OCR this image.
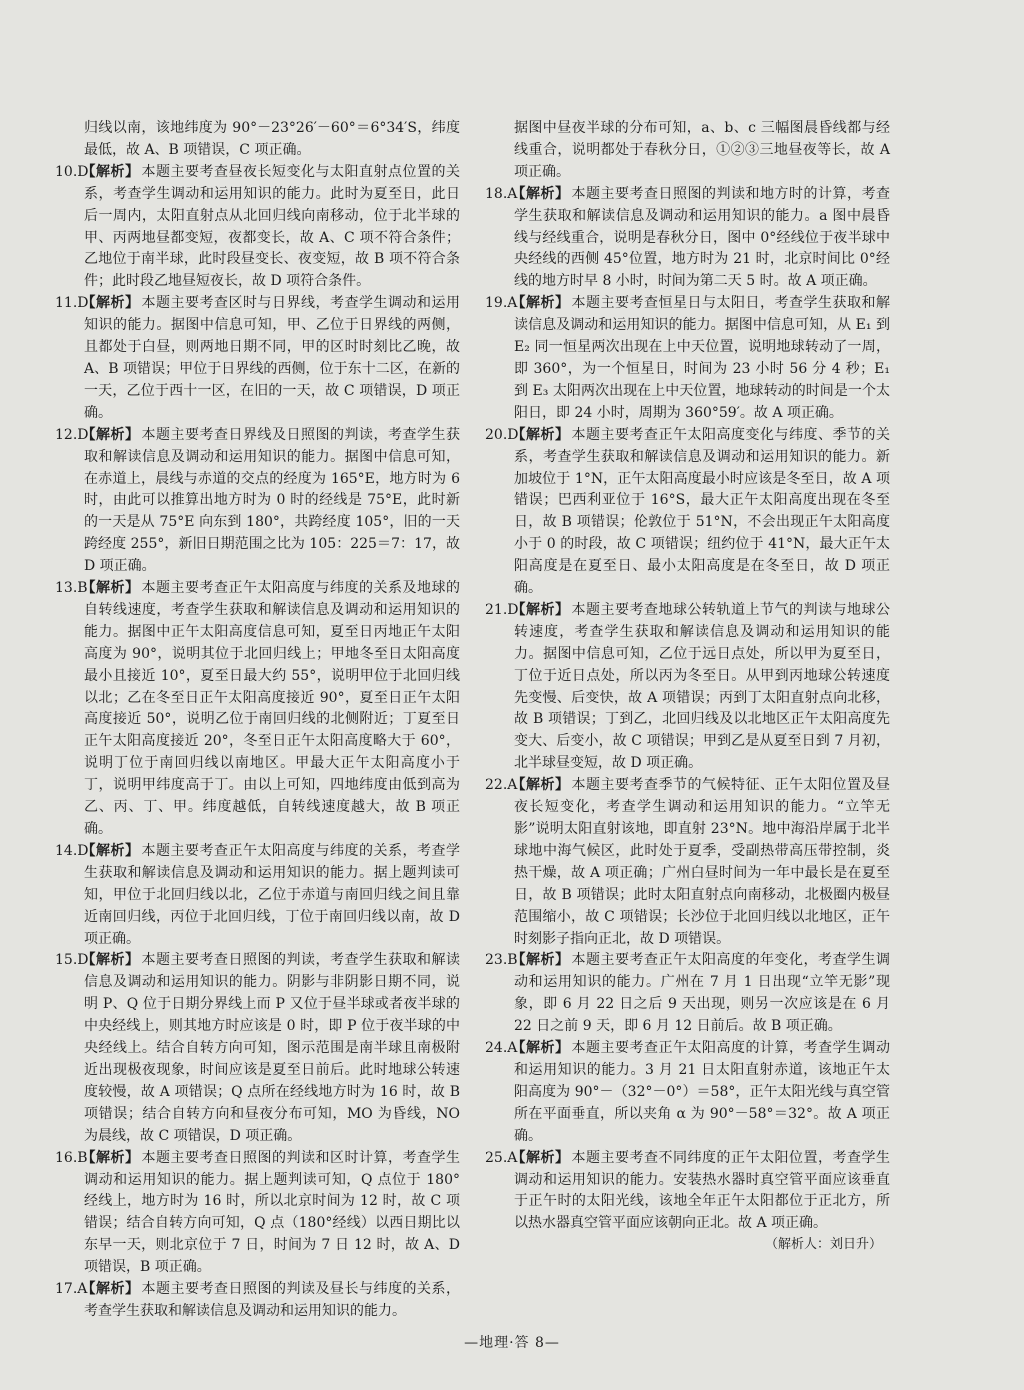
归线以南，该地纬度为 90°－23°26′－60°＝6°34′S，纬度最低，故 A、B 项错误，C 项正确。

10.D【解析】 本题主要考查昼夜长短变化与太阳直射点位置的关系，考查学生调动和运用知识的能力。此时为夏至日，此日后一周内，太阳直射点从北回归线向南移动，位于北半球的甲、丙两地昼都变短，夜都变长，故 A、C 项不符合条件；乙地位于南半球，此时段昼变长、夜变短，故 B 项不符合条件；此时段乙地昼短夜长，故 D 项符合条件。

11.D【解析】 本题主要考查区时与日界线，考查学生调动和运用知识的能力。据图中信息可知，甲、乙位于日界线的两侧，且都处于白昼，则两地日期不同，甲的区时时刻比乙晚，故 A、B 项错误；甲位于日界线的西侧，位于东十二区，在新的一天，乙位于西十一区，在旧的一天，故 C 项错误，D 项正确。

12.D【解析】 本题主要考查日界线及日照图的判读，考查学生获取和解读信息及调动和运用知识的能力。据图中信息可知，在赤道上，晨线与赤道的交点的经度为 165°E，地方时为 6 时，由此可以推算出地方时为 0 时的经线是 75°E，此时新的一天是从 75°E 向东到 180°，共跨经度 105°，旧的一天跨经度 255°，新旧日期范围之比为 105：225＝7：17，故 D 项正确。

13.B【解析】 本题主要考查正午太阳高度与纬度的关系及地球的自转线速度，考查学生获取和解读信息及调动和运用知识的能力。据图中正午太阳高度信息可知，夏至日丙地正午太阳高度为 90°，说明其位于北回归线上；甲地冬至日太阳高度最小且接近 10°，夏至日最大约 55°，说明甲位于北回归线以北；乙在冬至日正午太阳高度接近 90°，夏至日正午太阳高度接近 50°，说明乙位于南回归线的北侧附近；丁夏至日正午太阳高度接近 20°，冬至日正午太阳高度略大于 60°，说明丁位于南回归线以南地区。甲最大正午太阳高度小于丁，说明甲纬度高于丁。由以上可知，四地纬度由低到高为乙、丙、丁、甲。纬度越低，自转线速度越大，故 B 项正确。

14.D【解析】 本题主要考查正午太阳高度与纬度的关系，考查学生获取和解读信息及调动和运用知识的能力。据上题判读可知，甲位于北回归线以北，乙位于赤道与南回归线之间且靠近南回归线，丙位于北回归线，丁位于南回归线以南，故 D 项正确。

15.D【解析】 本题主要考查日照图的判读，考查学生获取和解读信息及调动和运用知识的能力。阴影与非阴影日期不同，说明 P、Q 位于日期分界线上而 P 又位于昼半球或者夜半球的中央经线上，则其地方时应该是 0 时，即 P 位于夜半球的中央经线上。结合自转方向可知，图示范围是南半球且南极附近出现极夜现象，时间应该是夏至日前后。此时地球公转速度较慢，故 A 项错误；Q 点所在经线地方时为 16 时，故 B 项错误；结合自转方向和昼夜分布可知，MO 为昏线，NO 为晨线，故 C 项错误，D 项正确。

16.B【解析】 本题主要考查日照图的判读和区时计算，考查学生调动和运用知识的能力。据上题判读可知，Q 点位于 180°经线上，地方时为 16 时，所以北京时间为 12 时，故 C 项错误；结合自转方向可知，Q 点（180°经线）以西日期比以东早一天，则北京位于 7 日，时间为 7 日 12 时，故 A、D 项错误，B 项正确。

17.A【解析】 本题主要考查日照图的判读及昼长与纬度的关系，考查学生获取和解读信息及调动和运用知识的能力。

据图中昼夜半球的分布可知，a、b、c 三幅图晨昏线都与经线重合，说明都处于春秋分日，①②③三地昼夜等长，故 A 项正确。

18.A【解析】 本题主要考查日照图的判读和地方时的计算，考查学生获取和解读信息及调动和运用知识的能力。a 图中晨昏线与经线重合，说明是春秋分日，图中 0°经线位于夜半球中央经线的西侧 45°位置，地方时为 21 时，北京时间比 0°经线的地方时早 8 小时，时间为第二天 5 时。故 A 项正确。

19.A【解析】 本题主要考查恒星日与太阳日，考查学生获取和解读信息及调动和运用知识的能力。据图中信息可知，从 E₁ 到 E₂ 同一恒星两次出现在上中天位置，说明地球转动了一周，即 360°，为一个恒星日，时间为 23 小时 56 分 4 秒；E₁ 到 E₃ 太阳两次出现在上中天位置，地球转动的时间是一个太阳日，即 24 小时，周期为 360°59′。故 A 项正确。

20.D【解析】 本题主要考查正午太阳高度变化与纬度、季节的关系，考查学生获取和解读信息及调动和运用知识的能力。新加坡位于 1°N，正午太阳高度最小时应该是冬至日，故 A 项错误；巴西利亚位于 16°S，最大正午太阳高度出现在冬至日，故 B 项错误；伦敦位于 51°N，不会出现正午太阳高度小于 0 的时段，故 C 项错误；纽约位于 41°N，最大正午太阳高度是在夏至日、最小太阳高度是在冬至日，故 D 项正确。

21.D【解析】 本题主要考查地球公转轨道上节气的判读与地球公转速度，考查学生获取和解读信息及调动和运用知识的能力。据图中信息可知，乙位于远日点处，所以甲为夏至日，丁位于近日点处，所以丙为冬至日。从甲到丙地球公转速度先变慢、后变快，故 A 项错误；丙到丁太阳直射点向北移，故 B 项错误；丁到乙，北回归线及以北地区正午太阳高度先变大、后变小，故 C 项错误；甲到乙是从夏至日到 7 月初，北半球昼变短，故 D 项正确。

22.A【解析】 本题主要考查季节的气候特征、正午太阳位置及昼夜长短变化，考查学生调动和运用知识的能力。“立竿无影”说明太阳直射该地，即直射 23°N。地中海沿岸属于北半球地中海气候区，此时处于夏季，受副热带高压带控制，炎热干燥，故 A 项正确；广州白昼时间为一年中最长是在夏至日，故 B 项错误；此时太阳直射点向南移动，北极圈内极昼范围缩小，故 C 项错误；长沙位于北回归线以北地区，正午时刻影子指向正北，故 D 项错误。

23.B【解析】 本题主要考查正午太阳高度的年变化，考查学生调动和运用知识的能力。广州在 7 月 1 日出现“立竿无影”现象，即 6 月 22 日之后 9 天出现，则另一次应该是在 6 月 22 日之前 9 天，即 6 月 12 日前后。故 B 项正确。

24.A【解析】 本题主要考查正午太阳高度的计算，考查学生调动和运用知识的能力。3 月 21 日太阳直射赤道，该地正午太阳高度为 90°－（32°－0°）＝58°，正午太阳光线与真空管所在平面垂直，所以夹角 α 为 90°－58°＝32°。故 A 项正确。

25.A【解析】 本题主要考查不同纬度的正午太阳位置，考查学生调动和运用知识的能力。安装热水器时真空管平面应该垂直于正午时的太阳光线，该地全年正午太阳都位于正北方，所以热水器真空管平面应该朝向正北。故 A 项正确。

（解析人：刘日升）

—地理·答 8—
